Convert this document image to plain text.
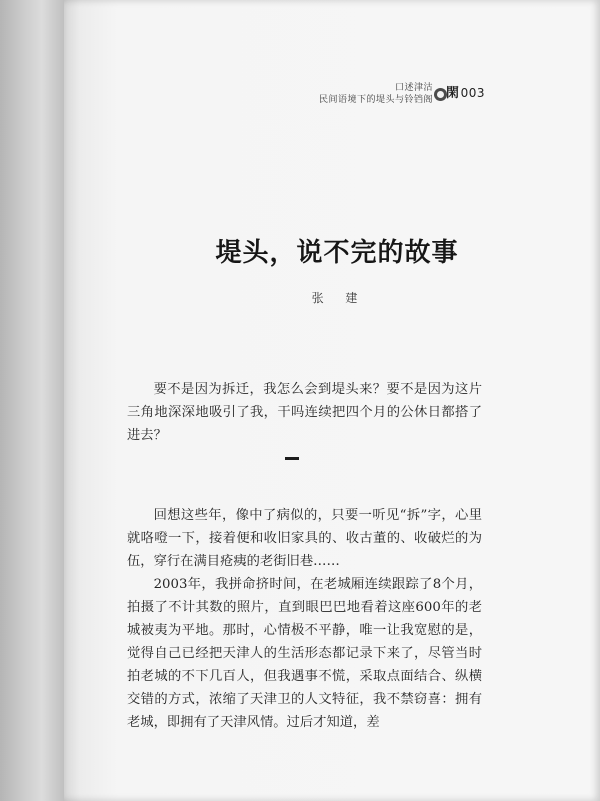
口述津沽
民间语境下的堤头与铃铛阁 閑 003
堤头，说不完的故事
张 建

要不是因为拆迁，我怎么会到堤头来？要不是因为这片三角地深深地吸引了我，干吗连续把四个月的公休日都搭了进去？

回想这些年，像中了病似的，只要一听见“拆”字，心里就咯噔一下，接着便和收旧家具的、收古董的、收破烂的为伍，穿行在满目疮痍的老街旧巷……

2003年，我拼命挤时间，在老城厢连续跟踪了8个月，拍摄了不计其数的照片，直到眼巴巴地看着这座600年的老城被夷为平地。那时，心情极不平静，唯一让我宽慰的是，觉得自己已经把天津人的生活形态都记录下来了，尽管当时拍老城的不下几百人，但我遇事不慌，采取点面结合、纵横交错的方式，浓缩了天津卫的人文特征，我不禁窃喜：拥有老城，即拥有了天津风情。过后才知道，差
